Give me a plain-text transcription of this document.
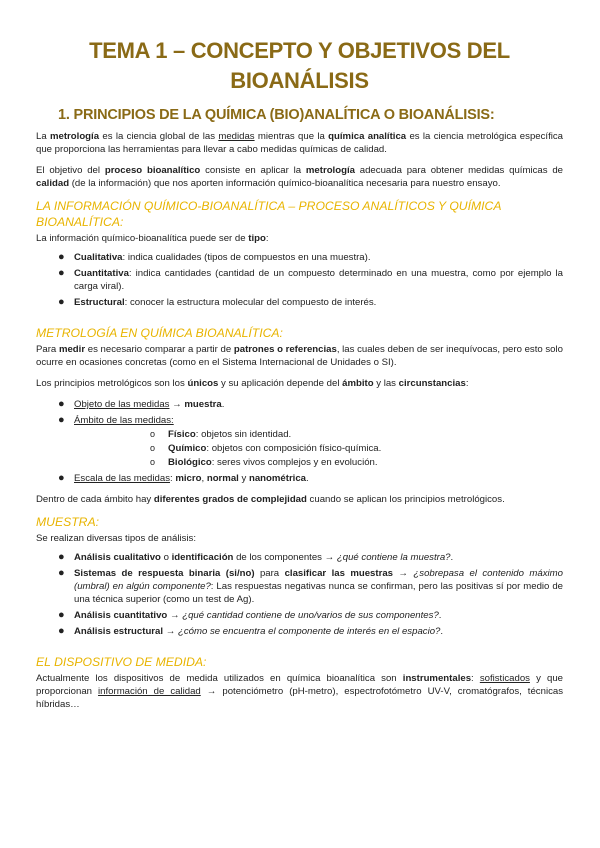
TEMA 1 – CONCEPTO Y OBJETIVOS DEL
BIOANÁLISIS
1. PRINCIPIOS DE LA QUÍMICA (BIO)ANALÍTICA O BIOANÁLISIS:

La metrología es la ciencia global de las medidas mientras que la química analítica es la ciencia metrológica específica que proporciona las herramientas para llevar a cabo medidas químicas de calidad.

El objetivo del proceso bioanalítico consiste en aplicar la metrología adecuada para obtener medidas químicas de calidad (de la información) que nos aporten información químico-bioanalítica necesaria para nuestro ensayo.

LA INFORMACIÓN QUÍMICO-BIOANALÍTICA – PROCESO ANALÍTICOS Y QUÍMICA BIOANALÍTICA:

La información químico-bioanalítica puede ser de tipo:

● Cualitativa: indica cualidades (tipos de compuestos en una muestra).
● Cuantitativa: indica cantidades (cantidad de un compuesto determinado en una muestra, como por ejemplo la carga viral).
● Estructural: conocer la estructura molecular del compuesto de interés.
METROLOGÍA EN QUÍMICA BIOANALÍTICA:

Para medir es necesario comparar a partir de patrones o referencias, las cuales deben de ser inequívocas, pero esto solo ocurre en ocasiones concretas (como en el Sistema Internacional de Unidades o SI).

Los principios metrológicos son los únicos y su aplicación depende del ámbito y las circunstancias:

● Objeto de las medidas → muestra.
● Ámbito de las medidas:
o Físico: objetos sin identidad.
o Químico: objetos con composición físico-química.
o Biológico: seres vivos complejos y en evolución.
● Escala de las medidas: micro, normal y nanométrica.

Dentro de cada ámbito hay diferentes grados de complejidad cuando se aplican los principios metrológicos.

MUESTRA:

Se realizan diversas tipos de análisis:

● Análisis cualitativo o identificación de los componentes → ¿qué contiene la muestra?.
● Sistemas de respuesta binaria (si/no) para clasificar las muestras → ¿sobrepasa el contenido máximo (umbral) en algún componente?: Las respuestas negativas nunca se confirman, pero las positivas sí por medio de una técnica superior (como un test de Ag).
● Análisis cuantitativo → ¿qué cantidad contiene de uno/varios de sus componentes?.
● Análisis estructural → ¿cómo se encuentra el componente de interés en el espacio?.
EL DISPOSITIVO DE MEDIDA:

Actualmente los dispositivos de medida utilizados en química bioanalítica son instrumentales: sofisticados y que proporcionan información de calidad → potenciómetro (pH-metro), espectrofotómetro UV-V, cromatógrafos, técnicas híbridas…
